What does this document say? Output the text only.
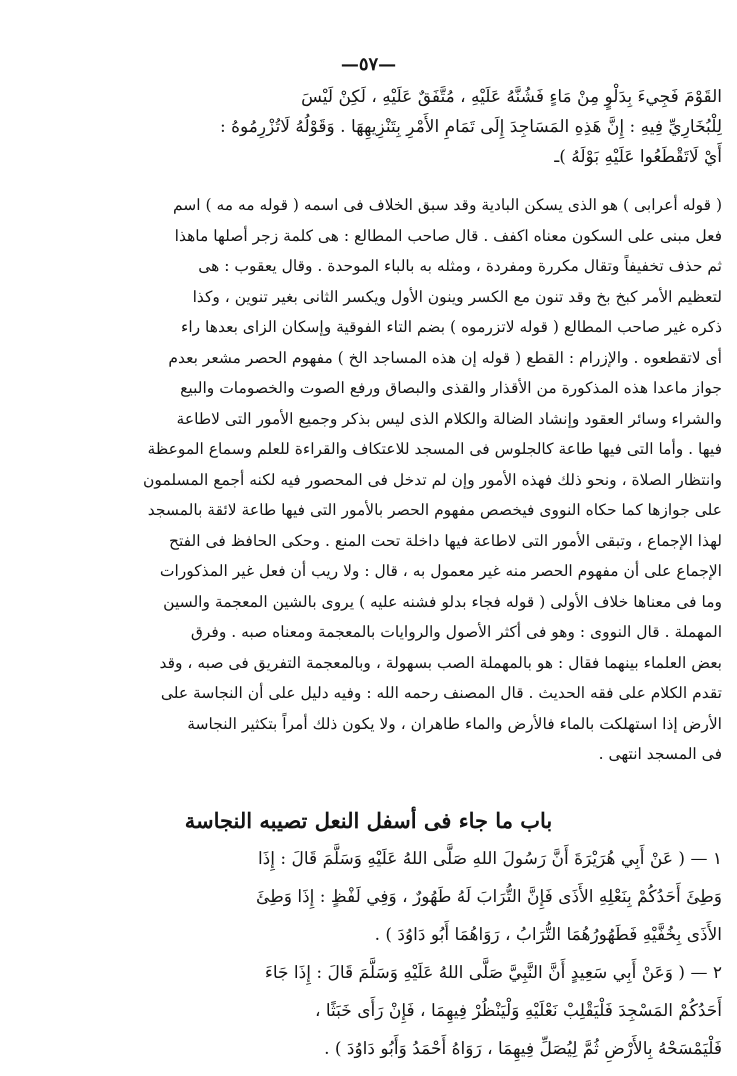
—٥٧—
القَوْمَ فَجِيءَ بِدَلْوٍ مِنْ مَاءٍ فَشُنَّهُ عَلَيْهِ ، مُتَّفَقٌ عَلَيْهِ ، لَكِنْ لَيْسَ
لِلْبُخَارِيِّ فِيهِ : إِنَّ هَذِهِ المَسَاجِدَ إِلَى تَمَامِ الأَمْرِ بِتَنْزِيهِهَا . وَقَوْلُهُ لَاتُزْرِمُوهُ :
أَيْ لَاتَقْطَعُوا عَلَيْهِ بَوْلَهُ )ـ
( قوله أعرابى ) هو الذى يسكن البادية وقد سبق الخلاف فى اسمه ( قوله مه مه ) اسم
فعل مبنى على السكون معناه اكفف . قال صاحب المطالع : هى كلمة زجر أصلها ماهذا
ثم حذف تخفيفاً وتقال مكررة ومفردة ، ومثله به بالباء الموحدة . وقال يعقوب : هى
لتعظيم الأمر كبخ بخ وقد تنون مع الكسر وينون الأول ويكسر الثانى بغير تنوين ، وكذا
ذكره غير صاحب المطالع ( قوله لاتزرموه ) بضم التاء الفوقية وإسكان الزاى بعدها راء
أى لاتقطعوه . والإزرام : القطع ( قوله إن هذه المساجد الخ ) مفهوم الحصر مشعر بعدم
جواز ماعدا هذه المذكورة من الأقذار والقذى والبصاق ورفع الصوت والخصومات والبيع
والشراء وسائر العقود وإنشاد الضالة والكلام الذى ليس بذكر وجميع الأمور التى لاطاعة
فيها . وأما التى فيها طاعة كالجلوس فى المسجد للاعتكاف والقراءة للعلم وسماع الموعظة
وانتظار الصلاة ، ونحو ذلك فهذه الأمور وإن لم تدخل فى المحصور فيه لكنه أجمع المسلمون
على جوازها كما حكاه النووى فيخصص مفهوم الحصر بالأمور التى فيها طاعة لائقة بالمسجد
لهذا الإجماع ، وتبقى الأمور التى لاطاعة فيها داخلة تحت المنع . وحكى الحافظ فى الفتح
الإجماع على أن مفهوم الحصر منه غير معمول به ، قال : ولا ريب أن فعل غير المذكورات
وما فى معناها خلاف الأولى ( قوله فجاء بدلو فشنه عليه ) يروى بالشين المعجمة والسين
المهملة . قال النووى : وهو فى أكثر الأصول والروايات بالمعجمة ومعناه صبه . وفرق
بعض العلماء بينهما فقال : هو بالمهملة الصب بسهولة ، وبالمعجمة التفريق فى صبه ، وقد
تقدم الكلام على فقه الحديث . قال المصنف رحمه الله : وفيه دليل على أن النجاسة على
الأرض إذا استهلكت بالماء فالأرض والماء طاهران ، ولا يكون ذلك أمراً بتكثير النجاسة
فى المسجد انتهى .
باب ما جاء فى أسفل النعل تصيبه النجاسة
١ — ( عَنْ أَبِي هُرَيْرَةَ أَنَّ رَسُولَ اللهِ صَلَّى اللهُ عَلَيْهِ وَسَلَّمَ قَالَ : إِذَا
وَطِئَ أَحَدُكُمْ بِنَعْلِهِ الأَذَى فَإِنَّ التُّرَابَ لَهُ طَهُورٌ ، وَفِي لَفْظٍ : إِذَا وَطِئَ
الأَذَى بِخُفَّيْهِ فَطَهُورُهُمَا التُّرَابُ ، رَوَاهُمَا أَبُو دَاوُدَ ) .
٢ — ( وَعَنْ أَبِي سَعِيدٍ أَنَّ النَّبِيَّ صَلَّى اللهُ عَلَيْهِ وَسَلَّمَ قَالَ : إِذَا جَاءَ
أَحَدُكُمْ المَسْجِدَ فَلْيَقْلِبْ نَعْلَيْهِ وَلْيَنْظُرْ فِيهِمَا ، فَإِنْ رَأَى خَبَثًا ،
فَلْيَمْسَحْهُ بِالأَرْضِ ثُمَّ لِيُصَلِّ فِيهِمَا ، رَوَاهُ أَحْمَدُ وَأَبُو دَاوُدَ ) .
